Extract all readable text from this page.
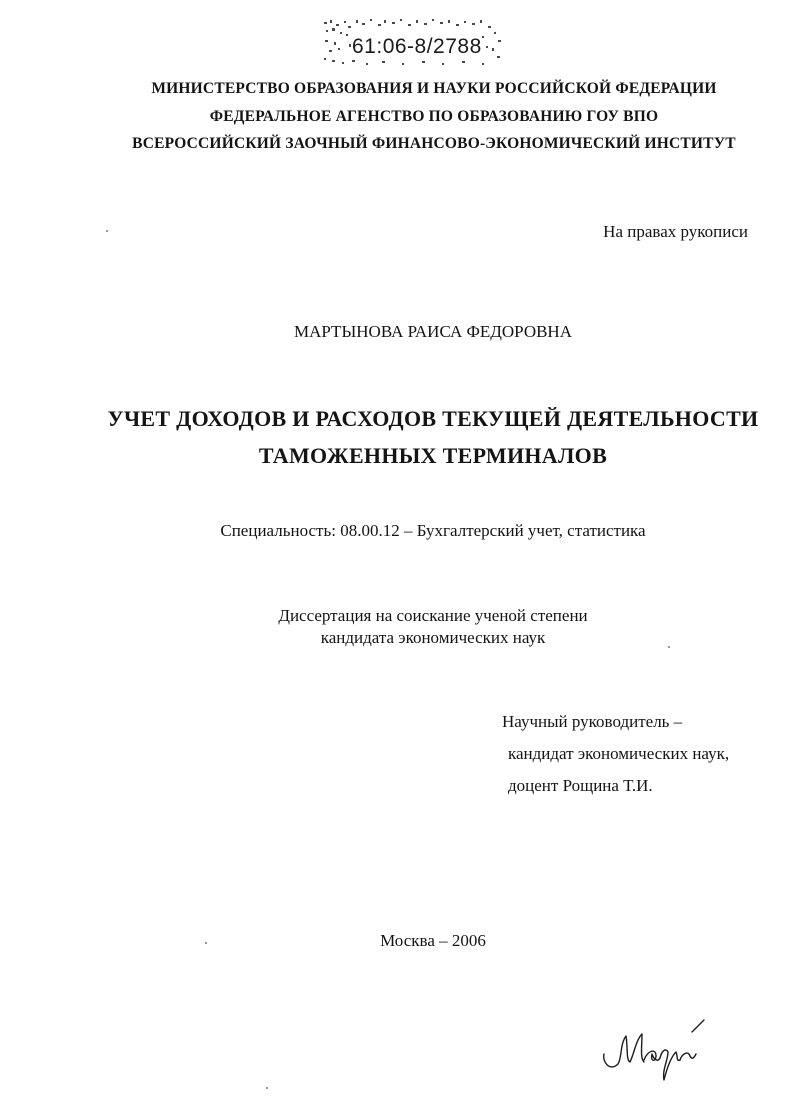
61:06-8/2788
МИНИСТЕРСТВО ОБРАЗОВАНИЯ И НАУКИ РОССИЙСКОЙ ФЕДЕРАЦИИ
ФЕДЕРАЛЬНОЕ АГЕНСТВО ПО ОБРАЗОВАНИЮ ГОУ ВПО
ВСЕРОССИЙСКИЙ ЗАОЧНЫЙ ФИНАНСОВО-ЭКОНОМИЧЕСКИЙ ИНСТИТУТ
На правах рукописи
МАРТЫНОВА РАИСА ФЕДОРОВНА
УЧЕТ ДОХОДОВ И РАСХОДОВ ТЕКУЩЕЙ ДЕЯТЕЛЬНОСТИ
ТАМОЖЕННЫХ ТЕРМИНАЛОВ
Специальность: 08.00.12 – Бухгалтерский учет, статистика
Диссертация на соискание ученой степени
кандидата экономических наук
Научный руководитель –
кандидат экономических наук,
доцент Рощина Т.И.
Москва – 2006
